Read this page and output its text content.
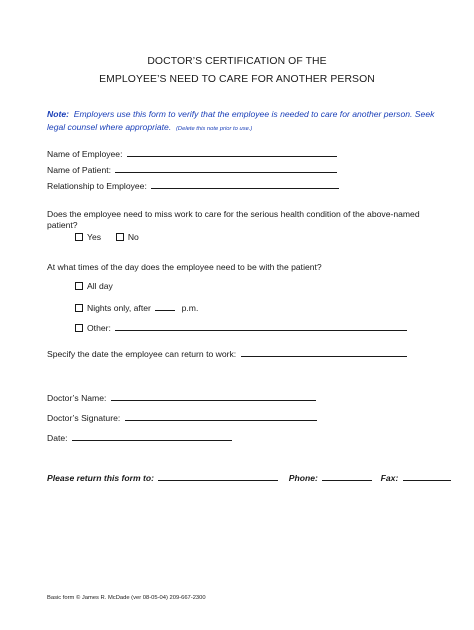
DOCTOR’S CERTIFICATION OF THE
EMPLOYEE’S NEED TO CARE FOR ANOTHER PERSON
Note: Employers use this form to verify that the employee is needed to care for another person. Seek legal counsel where appropriate. (Delete this note prior to use.)
Name of Employee:
Name of Patient:
Relationship to Employee:
Does the employee need to miss work to care for the serious health condition of the above-named
patient?
Yes	No
At what times of the day does the employee need to be with the patient?
All day
Nights only, after	p.m.
Other:
Specify the date the employee can return to work:
Doctor’s Name:
Doctor’s Signature:
Date:
Please return this form to:	Phone:	Fax:
Basic form © James R. McDade (ver 08-05-04) 209-667-2300
